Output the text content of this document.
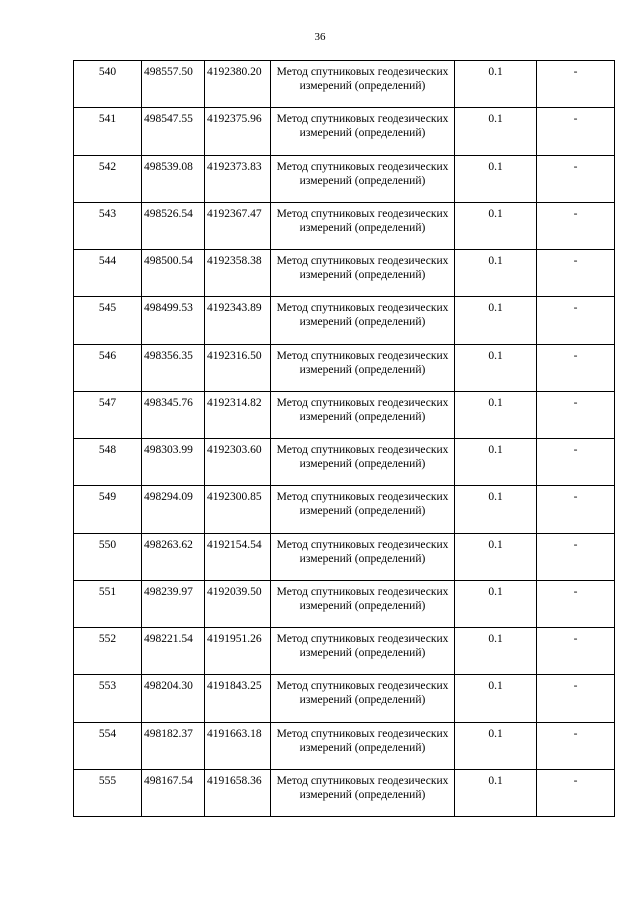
36
540	498557.50	4192380.20	Метод спутниковых геодезических измерений (определений)	0.1	-
541	498547.55	4192375.96	Метод спутниковых геодезических измерений (определений)	0.1	-
542	498539.08	4192373.83	Метод спутниковых геодезических измерений (определений)	0.1	-
543	498526.54	4192367.47	Метод спутниковых геодезических измерений (определений)	0.1	-
544	498500.54	4192358.38	Метод спутниковых геодезических измерений (определений)	0.1	-
545	498499.53	4192343.89	Метод спутниковых геодезических измерений (определений)	0.1	-
546	498356.35	4192316.50	Метод спутниковых геодезических измерений (определений)	0.1	-
547	498345.76	4192314.82	Метод спутниковых геодезических измерений (определений)	0.1	-
548	498303.99	4192303.60	Метод спутниковых геодезических измерений (определений)	0.1	-
549	498294.09	4192300.85	Метод спутниковых геодезических измерений (определений)	0.1	-
550	498263.62	4192154.54	Метод спутниковых геодезических измерений (определений)	0.1	-
551	498239.97	4192039.50	Метод спутниковых геодезических измерений (определений)	0.1	-
552	498221.54	4191951.26	Метод спутниковых геодезических измерений (определений)	0.1	-
553	498204.30	4191843.25	Метод спутниковых геодезических измерений (определений)	0.1	-
554	498182.37	4191663.18	Метод спутниковых геодезических измерений (определений)	0.1	-
555	498167.54	4191658.36	Метод спутниковых геодезических измерений (определений)	0.1	-
